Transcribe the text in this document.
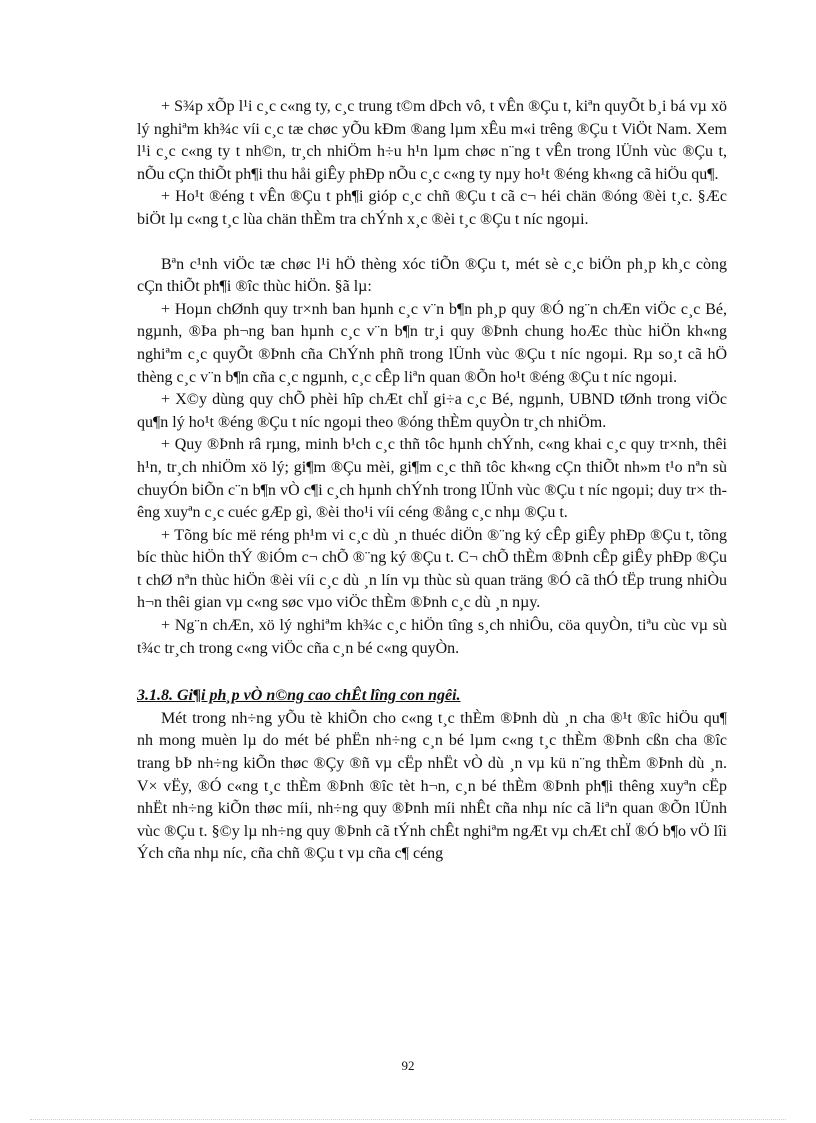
+ S¾p xÕp l¹i c¸c c«ng ty, c¸c trung t©m dÞch vô, t vÊn ®Çu t, kiªn quyÕt b¸i bá vµ xö lý nghiªm kh¾c víi c¸c tæ chøc yÕu kÐm ®ang lµm xÊu m«i trêng ®Çu t ViÖt Nam. Xem l¹i c¸c c«ng ty t nh©n, tr¸ch nhiÖm h÷u h¹n lµm chøc n¨ng t vÊn trong lÜnh vùc ®Çu t, nÕu cÇn thiÕt ph¶i thu håi giÊy phÐp nÕu c¸c c«ng ty nµy ho¹t ®éng kh«ng cã hiÖu qu¶.

+ Ho¹t ®éng t vÊn ®Çu t ph¶i gióp c¸c chñ ®Çu t cã c¬ héi chän ®óng ®èi t¸c. §Æc biÖt lµ c«ng t¸c lùa chän thÈm tra chÝnh x¸c ®èi t¸c ®Çu t níc ngoµi.

Bªn c¹nh viÖc tæ chøc l¹i hÖ thèng xóc tiÕn ®Çu t, mét sè c¸c biÖn ph¸p kh¸c còng cÇn thiÕt ph¶i ®îc thùc hiÖn. §ã lµ:

+ Hoµn chØnh quy tr×nh ban hµnh c¸c v¨n b¶n ph¸p quy ®Ó ng¨n chÆn viÖc c¸c Bé, ngµnh, ®Þa ph¬ng ban hµnh c¸c v¨n b¶n tr¸i quy ®Þnh chung hoÆc thùc hiÖn kh«ng nghiªm c¸c quyÕt ®Þnh cña ChÝnh phñ trong lÜnh vùc ®Çu t níc ngoµi. Rµ so¸t cã hÖ thèng c¸c v¨n b¶n cña c¸c ngµnh, c¸c cÊp liªn quan ®Õn ho¹t ®éng ®Çu t níc ngoµi.

+ X©y dùng quy chÕ phèi hîp chÆt chÏ gi÷a c¸c Bé, ngµnh, UBND tØnh trong viÖc qu¶n lý ho¹t ®éng ®Çu t níc ngoµi theo ®óng thÈm quyÒn tr¸ch nhiÖm.

+ Quy ®Þnh râ rµng, minh b¹ch c¸c thñ tôc hµnh chÝnh, c«ng khai c¸c quy tr×nh, thêi h¹n, tr¸ch nhiÖm xö lý; gi¶m ®Çu mèi, gi¶m c¸c thñ tôc kh«ng cÇn thiÕt nh»m t¹o nªn sù chuyÓn biÕn c¨n b¶n vÒ c¶i c¸ch hµnh chÝnh trong lÜnh vùc ®Çu t níc ngoµi; duy tr× thêng xuyªn c¸c cuéc gÆp gì, ®èi tho¹i víi céng ®ång c¸c nhµ ®Çu t.

+ Tõng bíc më réng ph¹m vi c¸c dù ¸n thuéc diÖn ®¨ng ký cÊp giÊy phÐp ®Çu t, tõng bíc thùc hiÖn thÝ ®iÓm c¬ chÕ ®¨ng ký ®Çu t. C¬ chÕ thÈm ®Þnh cÊp giÊy phÐp ®Çu t chØ nªn thùc hiÖn ®èi víi c¸c dù ¸n lín vµ thùc sù quan träng ®Ó cã thÓ tËp trung nhiÒu h¬n thêi gian vµ c«ng søc vµo viÖc thÈm ®Þnh c¸c dù ¸n nµy.

+ Ng¨n chÆn, xö lý nghiªm kh¾c c¸c hiÖn tîng s¸ch nhiÔu, cöa quyÒn, tiªu cùc vµ sù t¾c tr¸ch trong c«ng viÖc cña c¸n bé c«ng quyÒn.

3.1.8. Gi¶i ph¸p vÒ n©ng cao chÊt lîng con ngêi.

Mét trong nh÷ng yÕu tè khiÕn cho c«ng t¸c thÈm ®Þnh dù ¸n cha ®¹t ®îc hiÖu qu¶ nh mong muèn lµ do mét bé phËn nh÷ng c¸n bé lµm c«ng t¸c thÈm ®Þnh cßn cha ®îc trang bÞ nh÷ng kiÕn thøc ®Çy ®ñ vµ cËp nhËt vÒ dù ¸n vµ kü n¨ng thÈm ®Þnh dù ¸n. V× vËy, ®Ó c«ng t¸c thÈm ®Þnh ®îc tèt h¬n, c¸n bé thÈm ®Þnh ph¶i thêng xuyªn cËp nhËt nh÷ng kiÕn thøc míi, nh÷ng quy ®Þnh míi nhÊt cña nhµ níc cã liªn quan ®Õn lÜnh vùc ®Çu t. §©y lµ nh÷ng quy ®Þnh cã tÝnh chÊt nghiªm ngÆt vµ chÆt chÏ ®Ó b¶o vÖ lîi Ých cña nhµ níc, cña chñ ®Çu t vµ cña c¶ céng

92
